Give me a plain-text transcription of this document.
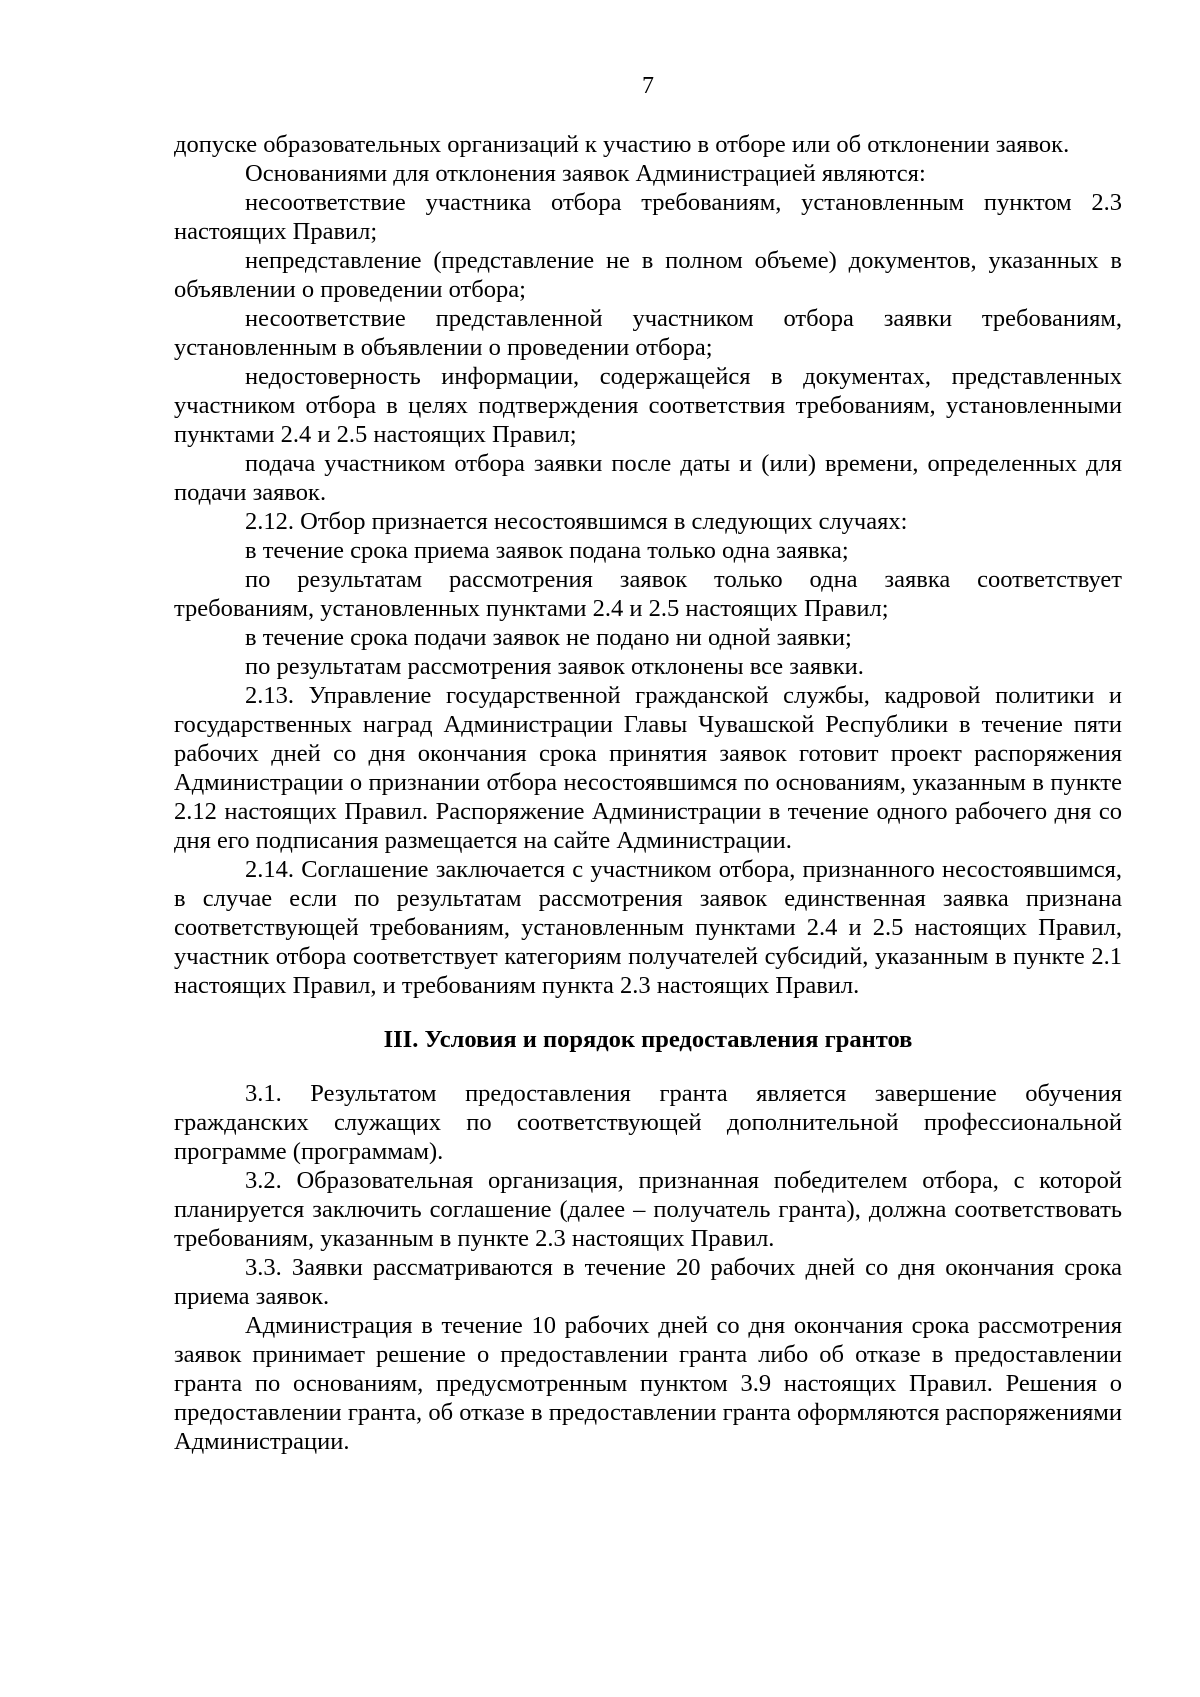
7

допуске образовательных организаций к участию в отборе или об отклонении заявок.

Основаниями для отклонения заявок Администрацией являются:

несоответствие участника отбора требованиям, установленным пунктом 2.3 настоящих Правил;

непредставление (представление не в полном объеме) документов, указанных в объявлении о проведении отбора;

несоответствие представленной участником отбора заявки требованиям, установленным в объявлении о проведении отбора;

недостоверность информации, содержащейся в документах, представленных участником отбора в целях подтверждения соответствия требованиям, установленными пунктами 2.4 и 2.5 настоящих Правил;

подача участником отбора заявки после даты и (или) времени, определенных для подачи заявок.

2.12. Отбор признается несостоявшимся в следующих случаях:

в течение срока приема заявок подана только одна заявка;

по результатам рассмотрения заявок только одна заявка соответствует требованиям, установленных пунктами 2.4 и 2.5 настоящих Правил;

в течение срока подачи заявок не подано ни одной заявки;

по результатам рассмотрения заявок отклонены все заявки.

2.13. Управление государственной гражданской службы, кадровой политики и государственных наград Администрации Главы Чувашской Республики в течение пяти рабочих дней со дня окончания срока принятия заявок готовит проект распоряжения Администрации о признании отбора несостоявшимся по основаниям, указанным в пункте 2.12 настоящих Правил. Распоряжение Администрации в течение одного рабочего дня со дня его подписания размещается на сайте Администрации.

2.14. Соглашение заключается с участником отбора, признанного несостоявшимся, в случае если по результатам рассмотрения заявок единственная заявка признана соответствующей требованиям, установленным пунктами 2.4 и 2.5 настоящих Правил, участник отбора соответствует категориям получателей субсидий, указанным в пункте 2.1 настоящих Правил, и требованиям пункта 2.3 настоящих Правил.

III. Условия и порядок предоставления грантов

3.1. Результатом предоставления гранта является завершение обучения гражданских служащих по соответствующей дополнительной профессиональной программе (программам).

3.2. Образовательная организация, признанная победителем отбора, с которой планируется заключить соглашение (далее – получатель гранта), должна соответствовать требованиям, указанным в пункте 2.3 настоящих Правил.

3.3. Заявки рассматриваются в течение 20 рабочих дней со дня окончания срока приема заявок.

Администрация в течение 10 рабочих дней со дня окончания срока рассмотрения заявок принимает решение о предоставлении гранта либо об отказе в предоставлении гранта по основаниям, предусмотренным пунктом 3.9 настоящих Правил. Решения о предоставлении гранта, об отказе в предоставлении гранта оформляются распоряжениями Администрации.
